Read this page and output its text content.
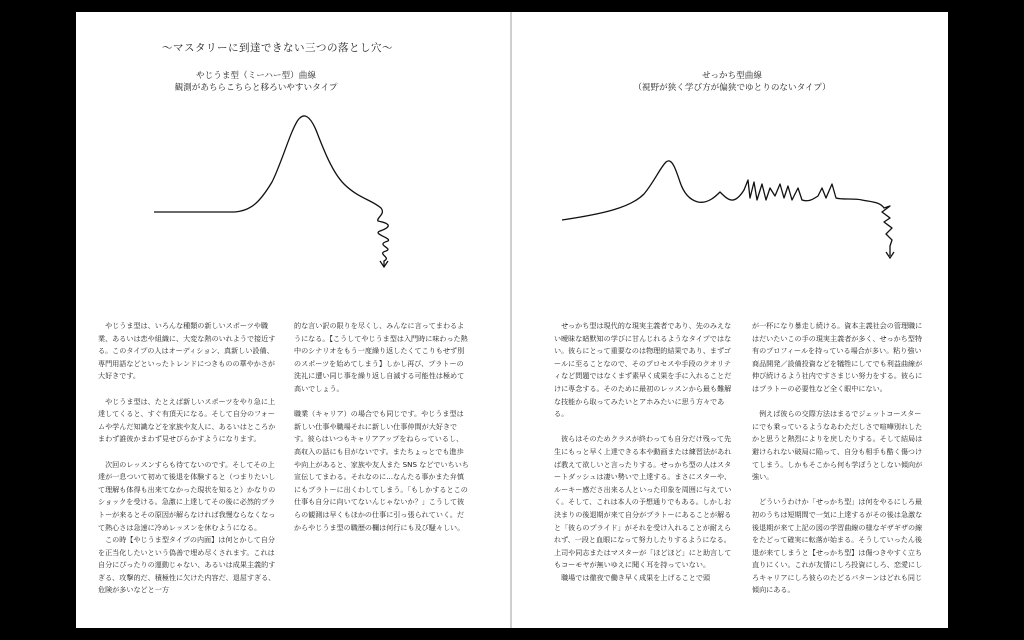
〜マスタリーに到達できない三つの落とし穴〜
やじうま型（ミーハー型）曲線
観測があちらこちらと移ろいやすいタイプ

やじうま型は、いろんな種類の新しいスポーツや職業、あるいは恋や組織に、大変な熱のいれようで接近する。このタイプの人はオーディション、真新しい設備、専門用語などといったトレンドにつきものの華やかさが大好きです。

やじうま型は、たとえば新しいスポーツをやり急に上達してくると、すぐ有頂天になる。そして自分のフォームや学んだ知識などを家族や友人に、あるいはところかまわず誰彼かまわず見せびらかすようになります。

次回のレッスンすらも待てないのです。そしてその上達が一息ついて初めて後退を体験すると（つまりたいして理解も体得も出来てなかった現状を知ると）かなりのショックを受ける。急激に上達してその後に必然的プラトーが来るとその原因が解らなければ我慢ならなくなって熱心さは急速に冷めレッスンを休むようになる。

この時【やじうま型タイプの内面】は何とかして自分を正当化したいという偽善で埋め尽くされます。これは自分にぴったりの運動じゃない、あるいは成果主義的すぎる、攻撃的だ、積極性に欠けた内容だ、退屈すぎる、危険が多いなどと一方

的な言い訳の限りを尽くし、みんなに言ってまわるようになる。【こうしてやじうま型は入門時に味わった熱中のシナリオをもう一度繰り返したくてこりもせず別のスポーツを始めてしまう】しかし再び、プラトーの洗礼に遭い同じ事を繰り返し自滅する可能性は極めて高いでしょう。

職業（キャリア）の場合でも同じです。やじうま型は新しい仕事や職場それに新しい仕事仲間が大好きです。彼らはいつもキャリアアップをねらっているし、高収入の話にも目がないです。またちょっとでも進歩や向上があると、家族や友人また SNS などでいちいち宣伝してまわる。それなのに...なんたる事かまた弁慎にもプラトーに出くわしてしまう。「もしかするとこの仕事も自分に向いてないんじゃないか？」こうして彼らの観測は早くもほかの仕事に引っ張られていく。だからやじうま型の職歴の欄は何行にも及び騒々しい。

せっかち型曲線
（視野が狭く学び方が偏狭でゆとりのないタイプ）

せっかち型は現代的な現実主義者であり、先のみえない曖昧な暗默知の学びに甘んじれるようなタイプではない。彼らにとって重要なのは物理的結果であり、まずゴールに至ることなので、そのプロセスや手段のクオリティなど問題ではなくまず素早く成果を手に入れることだけに専念する。そのために最初のレッスンから最も難解な技能から取ってみたいとアホみたいに思う方々である。

彼らはそのためクラスが終わっても自分だけ残って先生にもっと早く上達できる本や動画または練習法があれば教えて欲しいと言ったりする。せっかち型の人はスタートダッシュは凄い勢いで上達する。まさにスターや、ルーキー感ださ出来る人といった印象を周囲に与えていく。そして、これは本人の予想通りでもある。しかしお決まりの後退期が来て自分がプラトーにあることが解ると「彼らのプライド」がそれを受け入れることが耐えられず、一段と血眼になって努力したりするようになる。上司や同志またはマスターが「ほどほど」にと助言してもコーモヤが無いゆえに聞く耳を持っていない。

職場では徹夜で働き早く成果を上げることで頭

が一杯になり暴走し続ける。資本主義社会の管理職にはだいたいこの手の現実主義者が多く、せっかち型特有のプロフィールを持っている場合が多い。粘り強い商品開発／設備投資などを犠牲にしてでも利益曲線が伸び続けるよう社内ですさまじい努力をする。彼らにはプラトーの必要性など全く眼中にない。

例えば彼らの交際方法はまるでジェットコースターにでも乗っているようなあわただしさで喧嘩別れしたかと思うと熱烈によりを戻したりする。そして結局は避けられない破局に陥って、自分も相手も酷く傷つけてしまう。しかもそこから何も学ぼうとしない傾向が強い。

どういうわけか「せっかち型」は何をやるにしろ最初のうちは短期間で一気に上達するがその後は急激な後退期が来て上記の図の学習曲線の様なギザギザの線をたどって確実に転落が始まる。そうしていったん後退が来てしまうと【せっかち型】は傷つきやすく立ち直りにくい。これが友情にしろ投資にしろ、恋愛にしろキャリアにしろ彼らのたどるパターンはどれも同じ傾向にある。
